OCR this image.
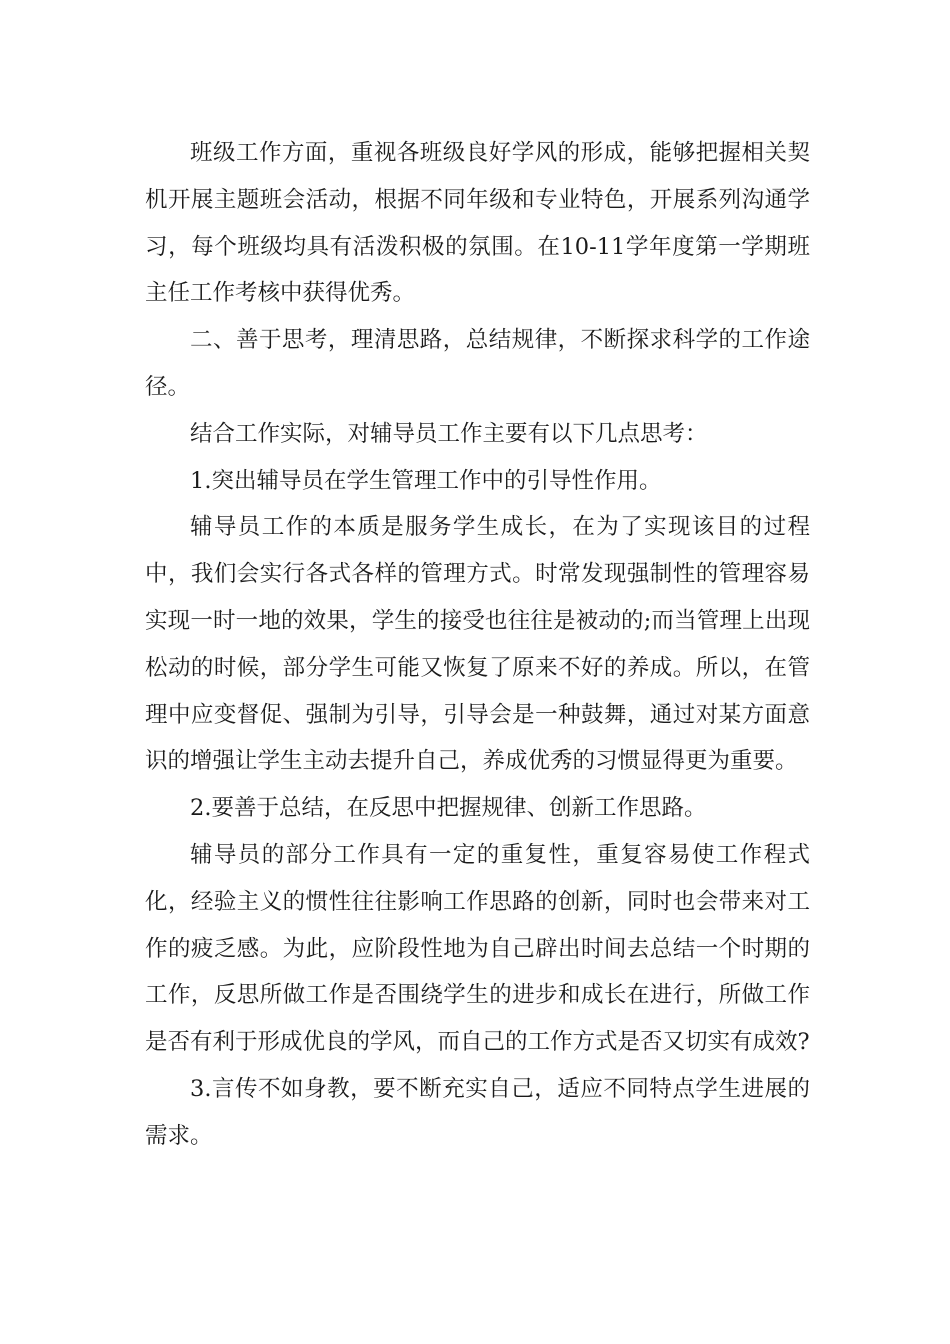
班级工作方面，重视各班级良好学风的形成，能够把握相关契机开展主题班会活动，根据不同年级和专业特色，开展系列沟通学习，每个班级均具有活泼积极的氛围。在10-11学年度第一学期班主任工作考核中获得优秀。

二、善于思考，理清思路，总结规律，不断探求科学的工作途径。

结合工作实际，对辅导员工作主要有以下几点思考：

1.突出辅导员在学生管理工作中的引导性作用。

辅导员工作的本质是服务学生成长，在为了实现该目的过程中，我们会实行各式各样的管理方式。时常发现强制性的管理容易实现一时一地的效果，学生的接受也往往是被动的;而当管理上出现松动的时候，部分学生可能又恢复了原来不好的养成。所以，在管理中应变督促、强制为引导，引导会是一种鼓舞，通过对某方面意识的增强让学生主动去提升自己，养成优秀的习惯显得更为重要。

2.要善于总结，在反思中把握规律、创新工作思路。

辅导员的部分工作具有一定的重复性，重复容易使工作程式化，经验主义的惯性往往影响工作思路的创新，同时也会带来对工作的疲乏感。为此，应阶段性地为自己辟出时间去总结一个时期的工作，反思所做工作是否围绕学生的进步和成长在进行，所做工作是否有利于形成优良的学风，而自己的工作方式是否又切实有成效?

3.言传不如身教，要不断充实自己，适应不同特点学生进展的需求。
